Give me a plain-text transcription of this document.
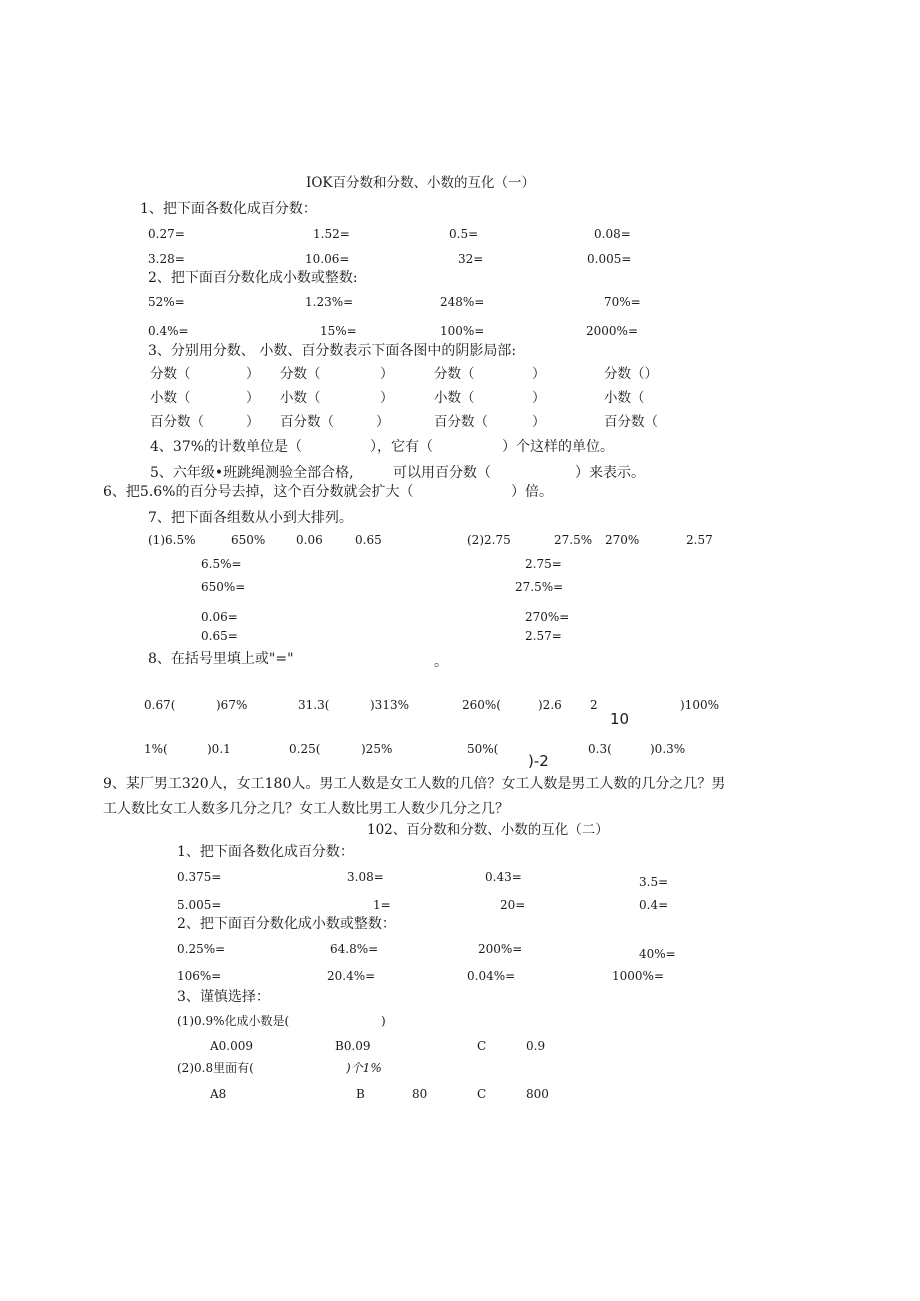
IOK百分数和分数、小数的互化（一）
1、把下面各数化成百分数：
0.27=	1.52=	0.5=	0.08=
3.28=	10.06=	32=	0.005=
2、把下面百分数化成小数或整数:
52%=	1.23%=	248%=	70%=
0.4%=	15%=	100%=	2000%=
3、分别用分数、 小数、百分数表示下面各图中的阴影局部:
分数（	） 分数（	）	分数（	）	分数（）
小数（	） 小数（	）	小数（	）	小数（
百分数（	） 百分数（	）	百分数（	）	百分数（
4、37%的计数单位是（	），它有（	）个这样的单位。
5、六年级•班跳绳测验全部合格,	可以用百分数（	）来表示。
6、把5.6%的百分号去掉，这个百分数就会扩大（	）倍。
7、把下面各组数从小到大排列。
(1)6.5%	650%	0.06	0.65	(2)2.75	27.5% 270%	2.57
6.5%=
650%=
0.06=
0.65=
2.75=
27.5%=
270%=
2.57=
8、在括号里填上或"="	。
0.67(	)67%	31.3(	)313%	260%(	)2.6 2	)100%
10
1%(	)0.1	0.25(	)25%	50%(	0.3(	)0.3%
)-2
9、某厂男工320人，女工180人。男工人数是女工人数的几倍？女工人数是男工人数的几分之几？男
工人数比女工人数多几分之几？女工人数比男工人数少几分之几？
102、百分数和分数、小数的互化（二）
1、把下面各数化成百分数：
0.375=	3.08=	0.43=	3.5=
5.005=	1=	20=	0.4=
2、把下面百分数化成小数或整数：
0.25%=	64.8%=	200%=	40%=
106%=	20.4%=	0.04%=	1000%=
3、谨慎选择：
(1)0.9%化成小数是(	)
A0.009	B0.09	C	0.9
(2)0.8里面有(	)个1%
A8	B	80	C	800
